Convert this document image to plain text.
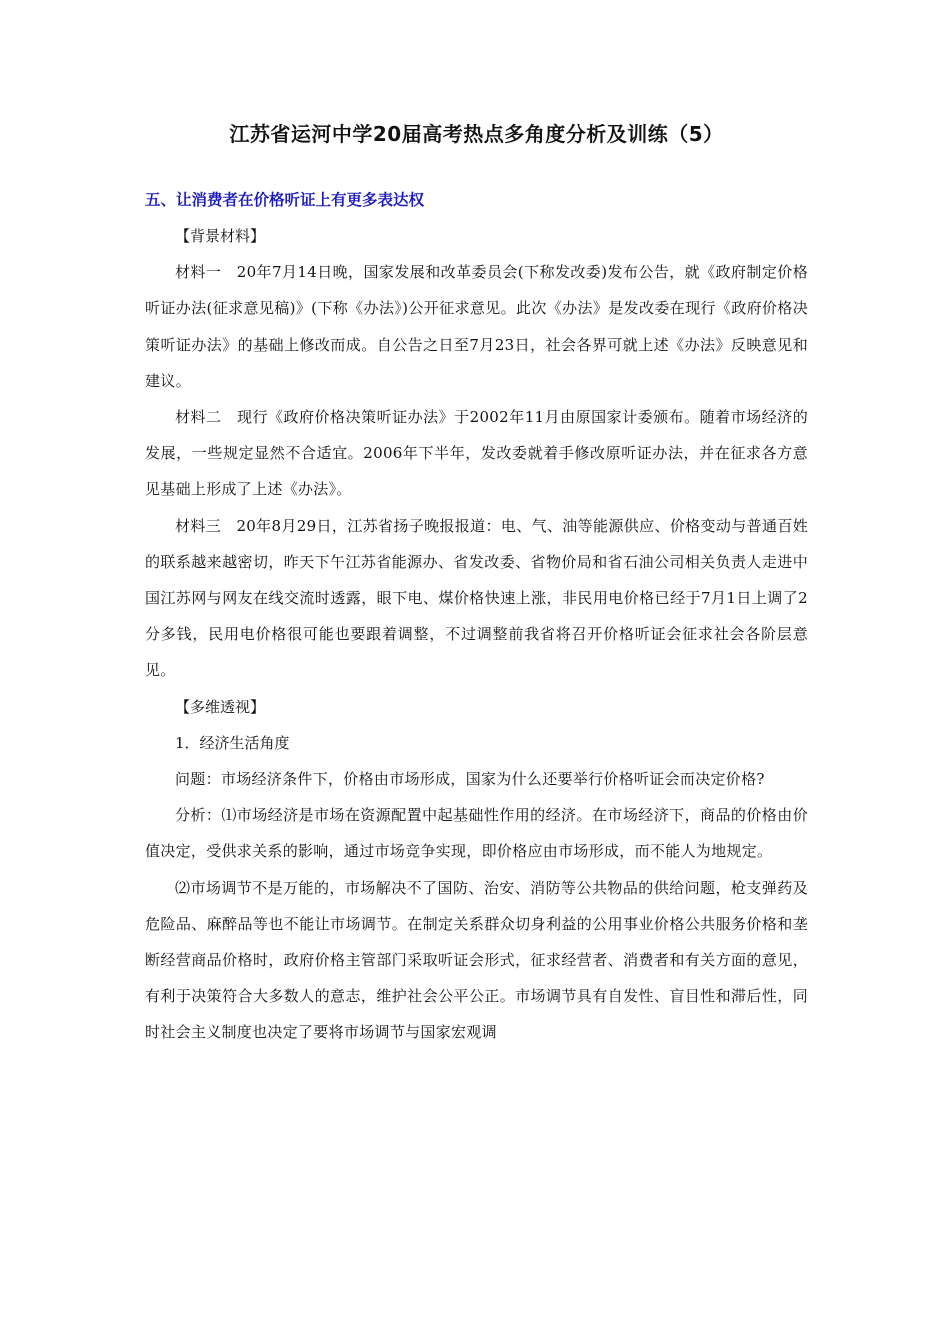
江苏省运河中学20届高考热点多角度分析及训练（5）

五、让消费者在价格听证上有更多表达权

【背景材料】

材料一　20年7月14日晚，国家发展和改革委员会(下称发改委)发布公告，就《政府制定价格听证办法(征求意见稿)》(下称《办法》)公开征求意见。此次《办法》是发改委在现行《政府价格决策听证办法》的基础上修改而成。自公告之日至7月23日，社会各界可就上述《办法》反映意见和建议。

材料二　现行《政府价格决策听证办法》于2002年11月由原国家计委颁布。随着市场经济的发展，一些规定显然不合适宜。2006年下半年，发改委就着手修改原听证办法，并在征求各方意见基础上形成了上述《办法》。

材料三　20年8月29日，江苏省扬子晚报报道：电、气、油等能源供应、价格变动与普通百姓的联系越来越密切，昨天下午江苏省能源办、省发改委、省物价局和省石油公司相关负责人走进中国江苏网与网友在线交流时透露，眼下电、煤价格快速上涨，非民用电价格已经于7月1日上调了2分多钱，民用电价格很可能也要跟着调整，不过调整前我省将召开价格听证会征求社会各阶层意见。

【多维透视】

1．经济生活角度

问题：市场经济条件下，价格由市场形成，国家为什么还要举行价格听证会而决定价格?

分析：⑴市场经济是市场在资源配置中起基础性作用的经济。在市场经济下，商品的价格由价值决定，受供求关系的影响，通过市场竞争实现，即价格应由市场形成，而不能人为地规定。

⑵市场调节不是万能的，市场解决不了国防、治安、消防等公共物品的供给问题，枪支弹药及危险品、麻醉品等也不能让市场调节。在制定关系群众切身利益的公用事业价格公共服务价格和垄断经营商品价格时，政府价格主管部门采取听证会形式，征求经营者、消费者和有关方面的意见，有利于决策符合大多数人的意志，维护社会公平公正。市场调节具有自发性、盲目性和滞后性，同时社会主义制度也决定了要将市场调节与国家宏观调
